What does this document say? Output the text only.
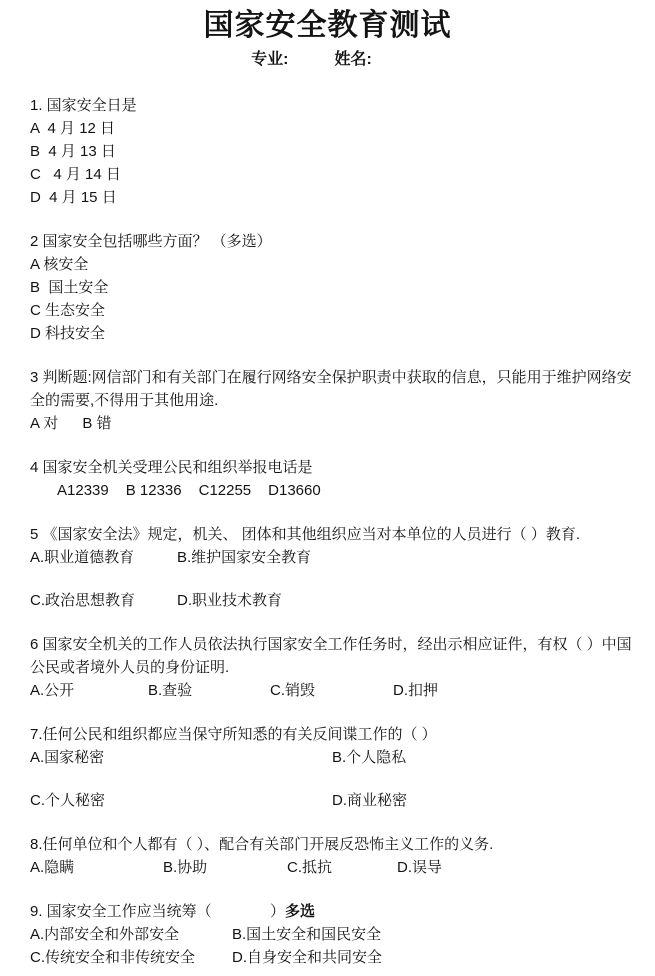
国家安全教育测试
专业:	姓名:
1. 国家安全日是
A  4 月 12 日
B  4 月 13 日
C   4 月 14 日
D  4 月 15 日
2 国家安全包括哪些方面？ （多选）
A 核安全
B  国土安全
C 生态安全
D 科技安全
3 判断题:网信部门和有关部门在履行网络安全保护职责中获取的信息，只能用于维护网络安全的需要,不得用于其他用途.
A 对 B 错
4 国家安全机关受理公民和组织举报电话是
A12339 B 12336 C12255 D13660
5 《国家安全法》规定，机关、 团体和其他组织应当对本单位的人员进行（ ）教育.
A.职业道德教育	B.维护国家安全教育
C.政治思想教育	D.职业技术教育
6 国家安全机关的工作人员依法执行国家安全工作任务时，经出示相应证件，有权（ ）中国公民或者境外人员的身份证明.
A.公开	B.查验	C.销毁	D.扣押
7.任何公民和组织都应当保守所知悉的有关反间谍工作的（ ）
A.国家秘密	B.个人隐私
C.个人秘密	D.商业秘密
8.任何单位和个人都有（ ）、配合有关部门开展反恐怖主义工作的义务.
A.隐瞒	B.协助	C.抵抗	D.误导
9. 国家安全工作应当统筹（              ）多选
A.内部安全和外部安全	B.国土安全和国民安全
C.传统安全和非传统安全	D.自身安全和共同安全
